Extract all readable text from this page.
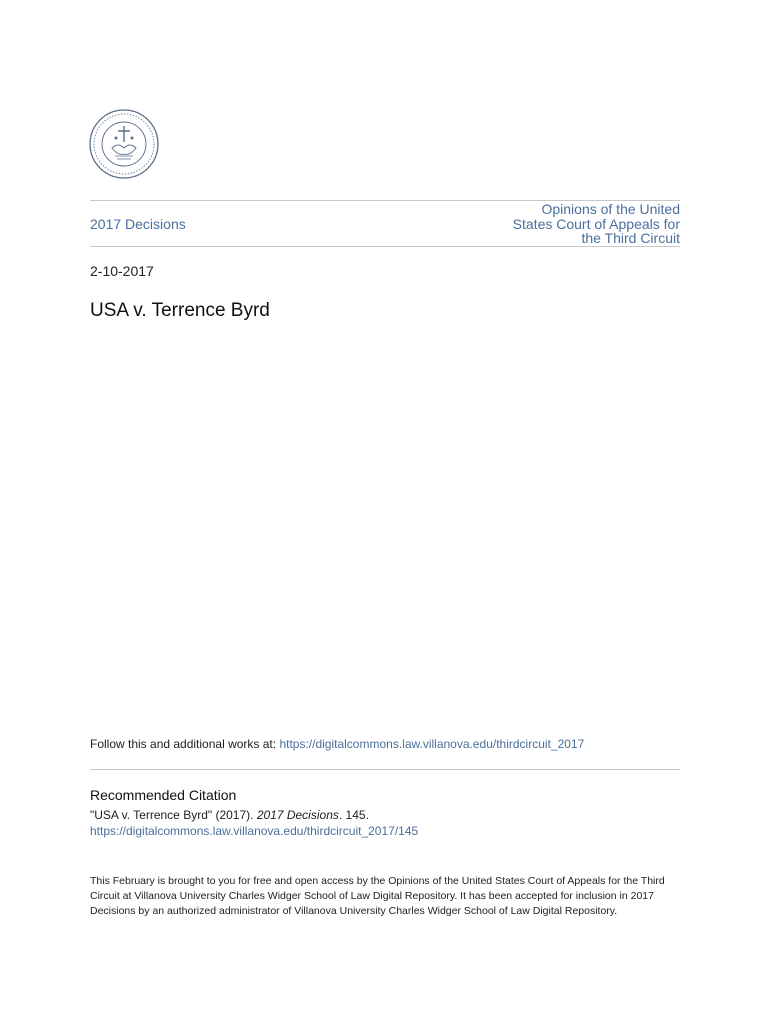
2017 Decisions
Opinions of the United States Court of Appeals for the Third Circuit
2-10-2017
USA v. Terrence Byrd
Follow this and additional works at: https://digitalcommons.law.villanova.edu/thirdcircuit_2017
Recommended Citation
"USA v. Terrence Byrd" (2017). 2017 Decisions. 145.
https://digitalcommons.law.villanova.edu/thirdcircuit_2017/145
This February is brought to you for free and open access by the Opinions of the United States Court of Appeals for the Third Circuit at Villanova University Charles Widger School of Law Digital Repository. It has been accepted for inclusion in 2017 Decisions by an authorized administrator of Villanova University Charles Widger School of Law Digital Repository.
